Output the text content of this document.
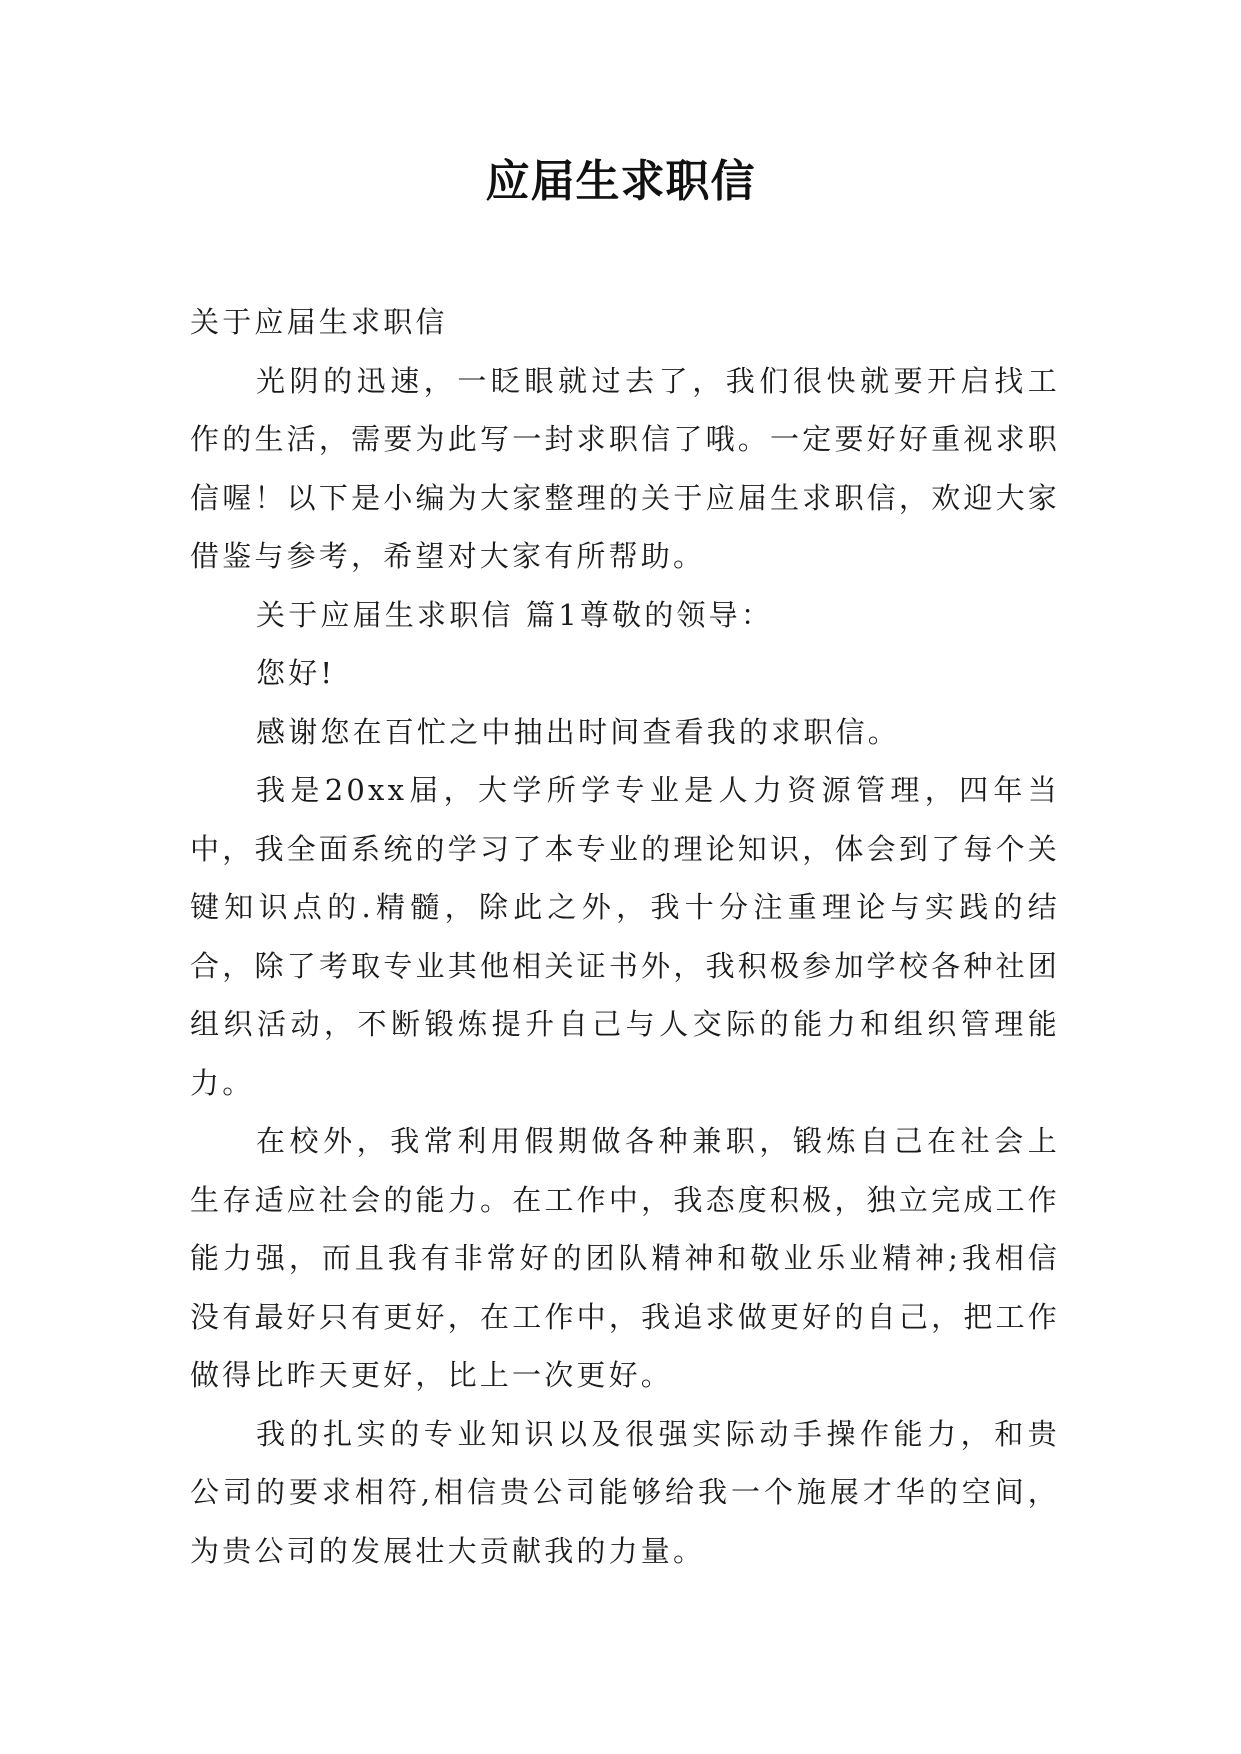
应届生求职信

关于应届生求职信

光阴的迅速，一眨眼就过去了，我们很快就要开启找工作的生活，需要为此写一封求职信了哦。一定要好好重视求职信喔！以下是小编为大家整理的关于应届生求职信，欢迎大家借鉴与参考，希望对大家有所帮助。

关于应届生求职信 篇1尊敬的领导：

您好!

感谢您在百忙之中抽出时间查看我的求职信。

我是20xx届，大学所学专业是人力资源管理，四年当中，我全面系统的学习了本专业的理论知识，体会到了每个关键知识点的.精髓，除此之外，我十分注重理论与实践的结合，除了考取专业其他相关证书外，我积极参加学校各种社团组织活动，不断锻炼提升自己与人交际的能力和组织管理能力。

在校外，我常利用假期做各种兼职，锻炼自己在社会上生存适应社会的能力。在工作中，我态度积极，独立完成工作能力强，而且我有非常好的团队精神和敬业乐业精神;我相信没有最好只有更好，在工作中，我追求做更好的自己，把工作做得比昨天更好，比上一次更好。

我的扎实的专业知识以及很强实际动手操作能力，和贵公司的要求相符,相信贵公司能够给我一个施展才华的空间，为贵公司的发展壮大贡献我的力量。
